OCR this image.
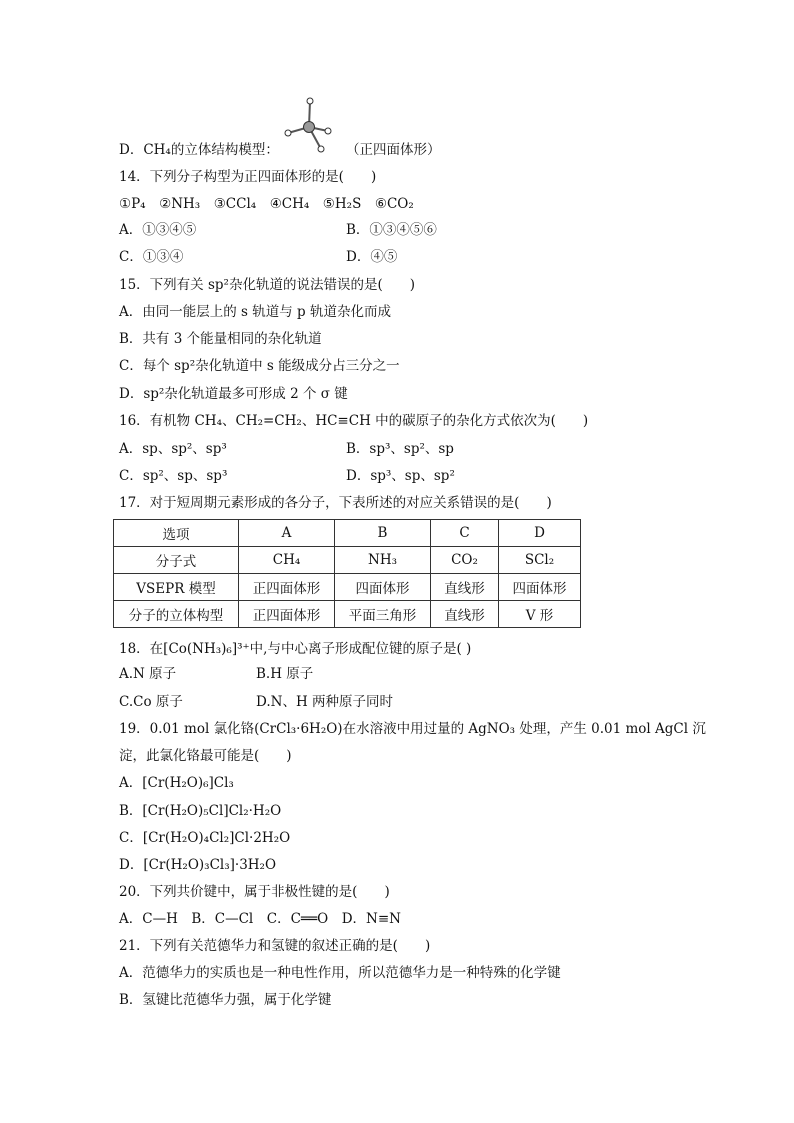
D．CH₄的立体结构模型：	（正四面体形）
14．下列分子构型为正四面体形的是(　　)
①P₄　②NH₃　③CCl₄　④CH₄　⑤H₂S　⑥CO₂
A．①③④⑤	B．①③④⑤⑥
C．①③④	D．④⑤
15．下列有关 sp²杂化轨道的说法错误的是(　　)
A．由同一能层上的 s 轨道与 p 轨道杂化而成
B．共有 3 个能量相同的杂化轨道
C．每个 sp²杂化轨道中 s 能级成分占三分之一
D．sp²杂化轨道最多可形成 2 个 σ 键
16．有机物 CH₄、CH₂=CH₂、HC≡CH 中的碳原子的杂化方式依次为(　　)
A．sp、sp²、sp³	B．sp³、sp²、sp
C．sp²、sp、sp³	D．sp³、sp、sp²
17．对于短周期元素形成的各分子，下表所述的对应关系错误的是(　　)
选项	A	B	C	D
分子式	CH₄	NH₃	CO₂	SCl₂
VSEPR 模型	正四面体形	四面体形	直线形	四面体形
分子的立体构型	正四面体形	平面三角形	直线形	V 形
18．在[Co(NH₃)₆]³⁺中,与中心离子形成配位键的原子是( )
A.N 原子	B.H 原子
C.Co 原子	D.N、H 两种原子同时
19．0.01 mol 氯化铬(CrCl₃·6H₂O)在水溶液中用过量的 AgNO₃ 处理，产生 0.01 mol AgCl 沉
淀，此氯化铬最可能是(　　)
A．[Cr(H₂O)₆]Cl₃
B．[Cr(H₂O)₅Cl]Cl₂·H₂O
C．[Cr(H₂O)₄Cl₂]Cl·2H₂O
D．[Cr(H₂O)₃Cl₃]·3H₂O
20．下列共价键中，属于非极性键的是(　　)
A．C—H　B．C—Cl　C．C══O　D．N≡N
21．下列有关范德华力和氢键的叙述正确的是(　　)
A．范德华力的实质也是一种电性作用，所以范德华力是一种特殊的化学键
B．氢键比范德华力强，属于化学键
